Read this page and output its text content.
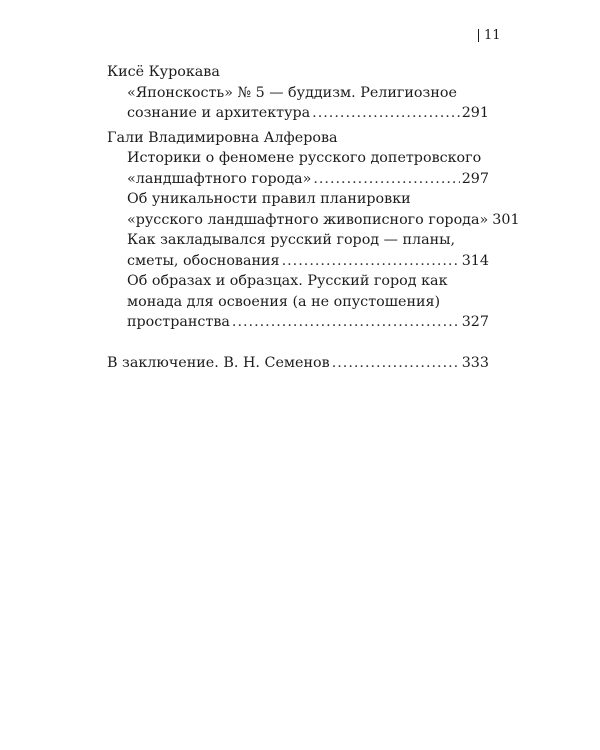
11
Кисё Курокава
«Японскость» № 5 — буддизм. Религиозное
сознание и архитектура .....	291
Гали Владимировна Алферова
Историки о феномене русского допетровского
«ландшафтного города» .....	297
Об уникальности правил планировки
«русского ландшафтного живописного города» 301
Как закладывался русский город — планы,
сметы, обоснования .....	314
Об образах и образцах. Русский город как
монада для освоения (а не опустошения)
пространства .....	327
В заключение. В. Н. Семенов .....	333
